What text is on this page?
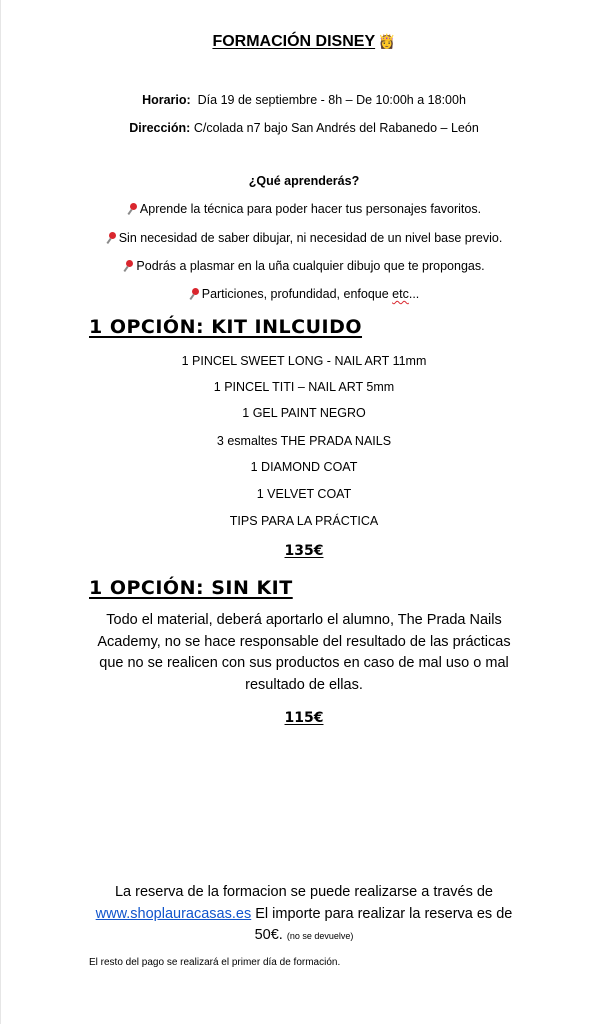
FORMACIÓN DISNEY 👸
Horario: Día 19 de septiembre - 8h – De 10:00h a 18:00h
Dirección: C/colada n7 bajo San Andrés del Rabanedo – León
¿Qué aprenderás?
Aprende la técnica para poder hacer tus personajes favoritos.
Sin necesidad de saber dibujar, ni necesidad de un nivel base previo.
Podrás a plasmar en la uña cualquier dibujo que te propongas.
Particiones, profundidad, enfoque etc...
1 OPCIÓN: KIT INLCUIDO
1 PINCEL SWEET LONG - NAIL ART 11mm
1 PINCEL TITI – NAIL ART 5mm
1 GEL PAINT NEGRO
3 esmaltes THE PRADA NAILS
1 DIAMOND COAT
1 VELVET COAT
TIPS PARA LA PRÁCTICA
135€
1 OPCIÓN: SIN KIT
Todo el material, deberá aportarlo el alumno, The Prada Nails
Academy, no se hace responsable del resultado de las prácticas
que no se realicen con sus productos en caso de mal uso o mal
resultado de ellas.
115€
La reserva de la formacion se puede realizarse a través de
www.shoplauracasas.es El importe para realizar la reserva es de
50€. (no se devuelve)
El resto del pago se realizará el primer día de formación.
